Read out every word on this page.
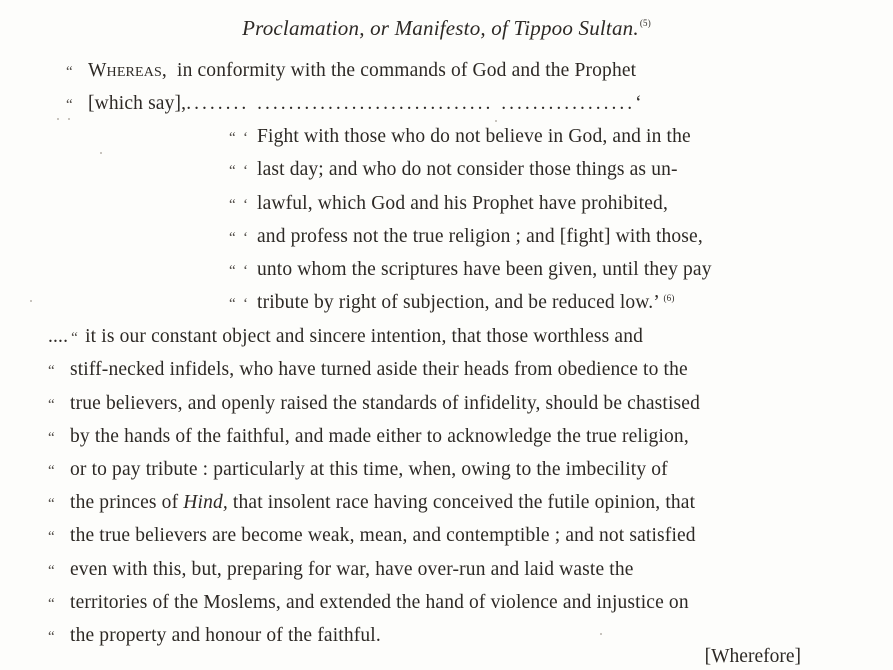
Proclamation, or Manifesto, of Tippoo Sultan.$^{(5)}$
“ Whereas, in conformity with the commands of God and the Prophet
“ [which say],........ .............................. .................‘
“ ‘ Fight with those who do not believe in God, and in the
“ ‘ last day; and who do not consider those things as un-
“ ‘ lawful, which God and his Prophet have prohibited,
“ ‘ and profess not the true religion ; and [fight] with those,
“ ‘ unto whom the scriptures have been given, until they pay
“ ‘ tribute by right of subjection, and be reduced low.’ $^{(6)}$
.... “ it is our constant object and sincere intention, that those worthless and
“ stiff-necked infidels, who have turned aside their heads from obedience to the
“ true believers, and openly raised the standards of infidelity, should be chastised
“ by the hands of the faithful, and made either to acknowledge the true religion,
“ or to pay tribute : particularly at this time, when, owing to the imbecility of
“ the princes of Hind, that insolent race having conceived the futile opinion, that
“ the true believers are become weak, mean, and contemptible ; and not satisfied
“ even with this, but, preparing for war, have over-run and laid waste the
“ territories of the Moslems, and extended the hand of violence and injustice on
“ the property and honour of the faithful.
[Wherefore]
